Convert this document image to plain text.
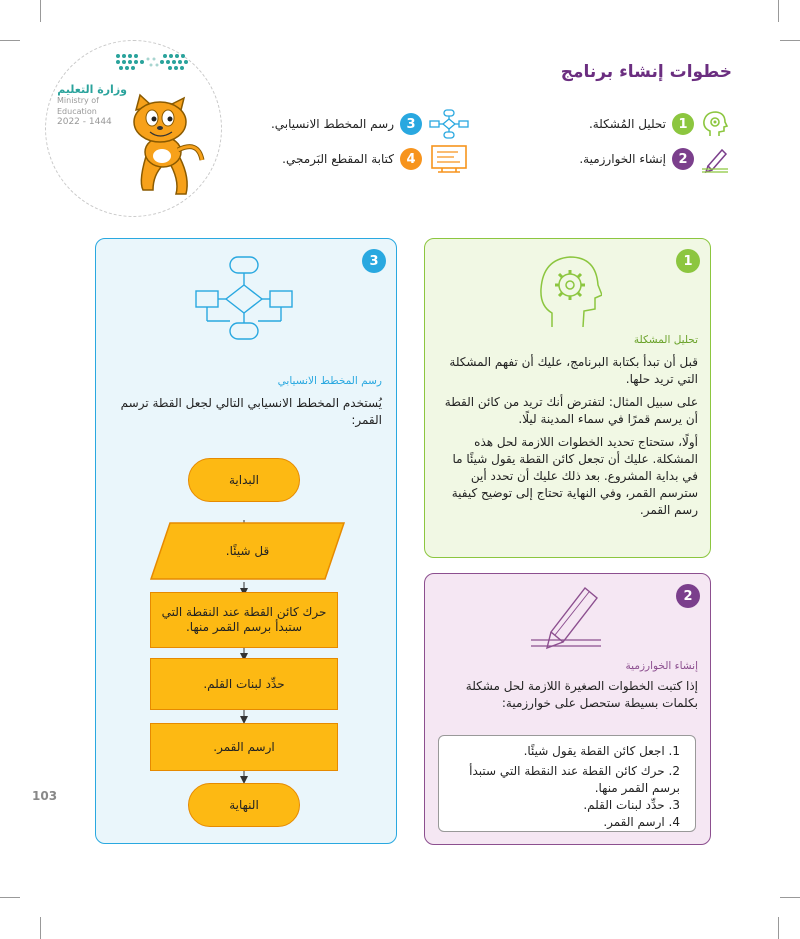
وزارة التعليم
Ministry of Education
2022 - 1444
خطوات إنشاء برنامج
1
تحليل المُشكلة.
2
إنشاء الخوارزمية.
3
رسم المخطط الانسيابي.
4
كتابة المقطع البَرمجي.
1
تحليل المشكلة

قبل أن تبدأ بكتابة البرنامج، عليك أن تفهم المشكلة التي تريد حلها.

على سبيل المثال: لتفترض أنك تريد من كائن القطة أن يرسم قمرًا في سماء المدينة ليلًا.

أولًا، ستحتاج تحديد الخطوات اللازمة لحل هذه المشكلة. عليك أن تجعل كائن القطة يقول شيئًا ما في بداية المشروع. بعد ذلك عليك أن تحدد أين سترسم القمر، وفي النهاية تحتاج إلى توضيح كيفية رسم القمر.

2
إنشاء الخوارزمية

إذا كتبت الخطوات الصغيرة اللازمة لحل مشكلة بكلمات بسيطة ستحصل على خوارزمية:

1. اجعل كائن القطة يقول شيئًا.
2. حرك كائن القطة عند النقطة التي ستبدأ برسم القمر منها.
3. حدِّد لبنات القلم.
4. ارسم القمر.
3
رسم المخطط الانسيابي

يُستخدم المخطط الانسيابي التالي لجعل القطة ترسم القمر:

البداية
قل شيئًا.
حرك كائن القطة عند النقطة التي ستبدأ برسم القمر منها.
حدِّد لبنات القلم.
ارسم القمر.
النهاية
103
